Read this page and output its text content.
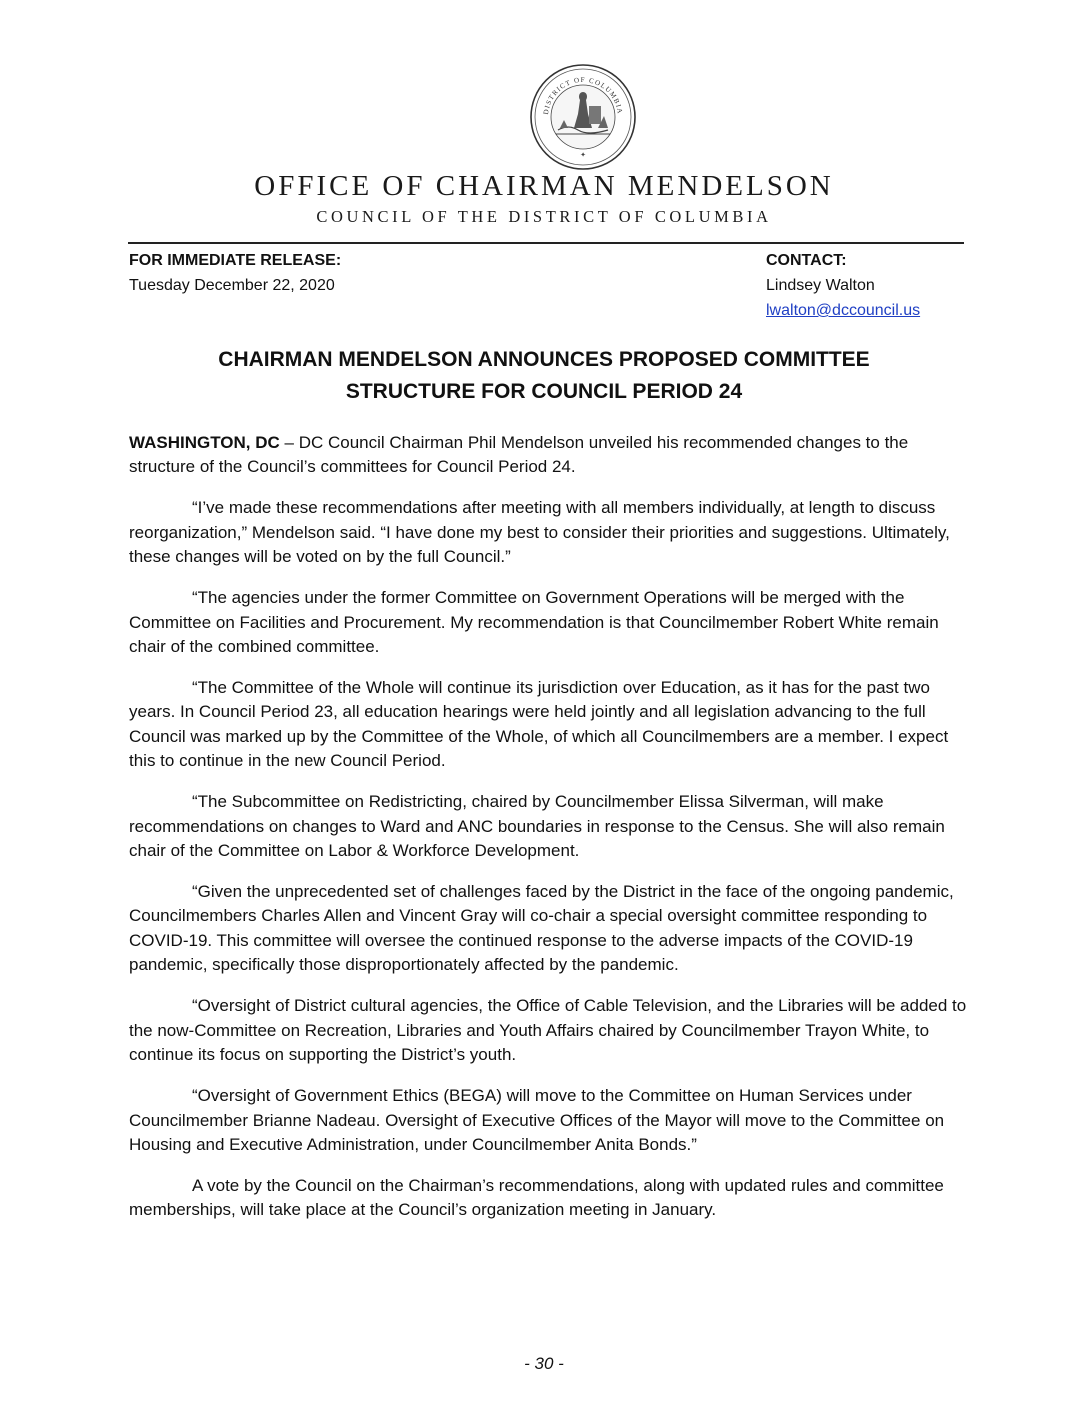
DISTRICT OF COLUMBIA
✦
OFFICE OF CHAIRMAN MENDELSON
COUNCIL OF THE DISTRICT OF COLUMBIA
FOR IMMEDIATE RELEASE:
Tuesday December 22, 2020
CONTACT:
Lindsey Walton
lwalton@dccouncil.us
CHAIRMAN MENDELSON ANNOUNCES PROPOSED COMMITTEE
STRUCTURE FOR COUNCIL PERIOD 24

WASHINGTON, DC – DC Council Chairman Phil Mendelson unveiled his recommended changes to the structure of the Council’s committees for Council Period 24.

“I’ve made these recommendations after meeting with all members individually, at length to discuss reorganization,” Mendelson said. “I have done my best to consider their priorities and suggestions. Ultimately, these changes will be voted on by the full Council.”

“The agencies under the former Committee on Government Operations will be merged with the Committee on Facilities and Procurement. My recommendation is that Councilmember Robert White remain chair of the combined committee.

“The Committee of the Whole will continue its jurisdiction over Education, as it has for the past two years. In Council Period 23, all education hearings were held jointly and all legislation advancing to the full Council was marked up by the Committee of the Whole, of which all Councilmembers are a member. I expect this to continue in the new Council Period.

“The Subcommittee on Redistricting, chaired by Councilmember Elissa Silverman, will make recommendations on changes to Ward and ANC boundaries in response to the Census. She will also remain chair of the Committee on Labor & Workforce Development.

“Given the unprecedented set of challenges faced by the District in the face of the ongoing pandemic, Councilmembers Charles Allen and Vincent Gray will co-chair a special oversight committee responding to COVID-19. This committee will oversee the continued response to the adverse impacts of the COVID-19 pandemic, specifically those disproportionately affected by the pandemic.

“Oversight of District cultural agencies, the Office of Cable Television, and the Libraries will be added to the now-Committee on Recreation, Libraries and Youth Affairs chaired by Councilmember Trayon White, to continue its focus on supporting the District’s youth.

“Oversight of Government Ethics (BEGA) will move to the Committee on Human Services under Councilmember Brianne Nadeau. Oversight of Executive Offices of the Mayor will move to the Committee on Housing and Executive Administration, under Councilmember Anita Bonds.”

A vote by the Council on the Chairman’s recommendations, along with updated rules and committee memberships, will take place at the Council’s organization meeting in January.

- 30 -
